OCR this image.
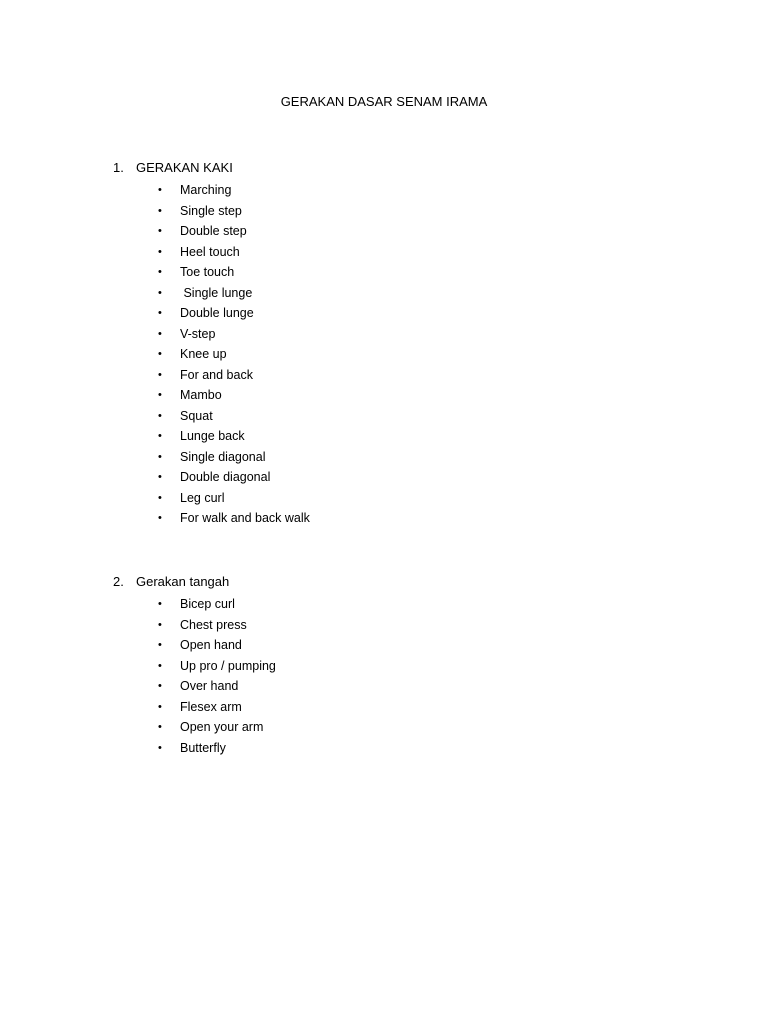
GERAKAN DASAR SENAM IRAMA
1. GERAKAN KAKI
• Marching
• Single step
• Double step
• Heel touch
• Toe touch
• Single lunge
• Double lunge
• V-step
• Knee up
• For and back
• Mambo
• Squat
• Lunge back
• Single diagonal
• Double diagonal
• Leg curl
• For walk and back walk
2. Gerakan tangah
• Bicep curl
• Chest press
• Open hand
• Up pro / pumping
• Over hand
• Flesex arm
• Open your arm
• Butterfly
